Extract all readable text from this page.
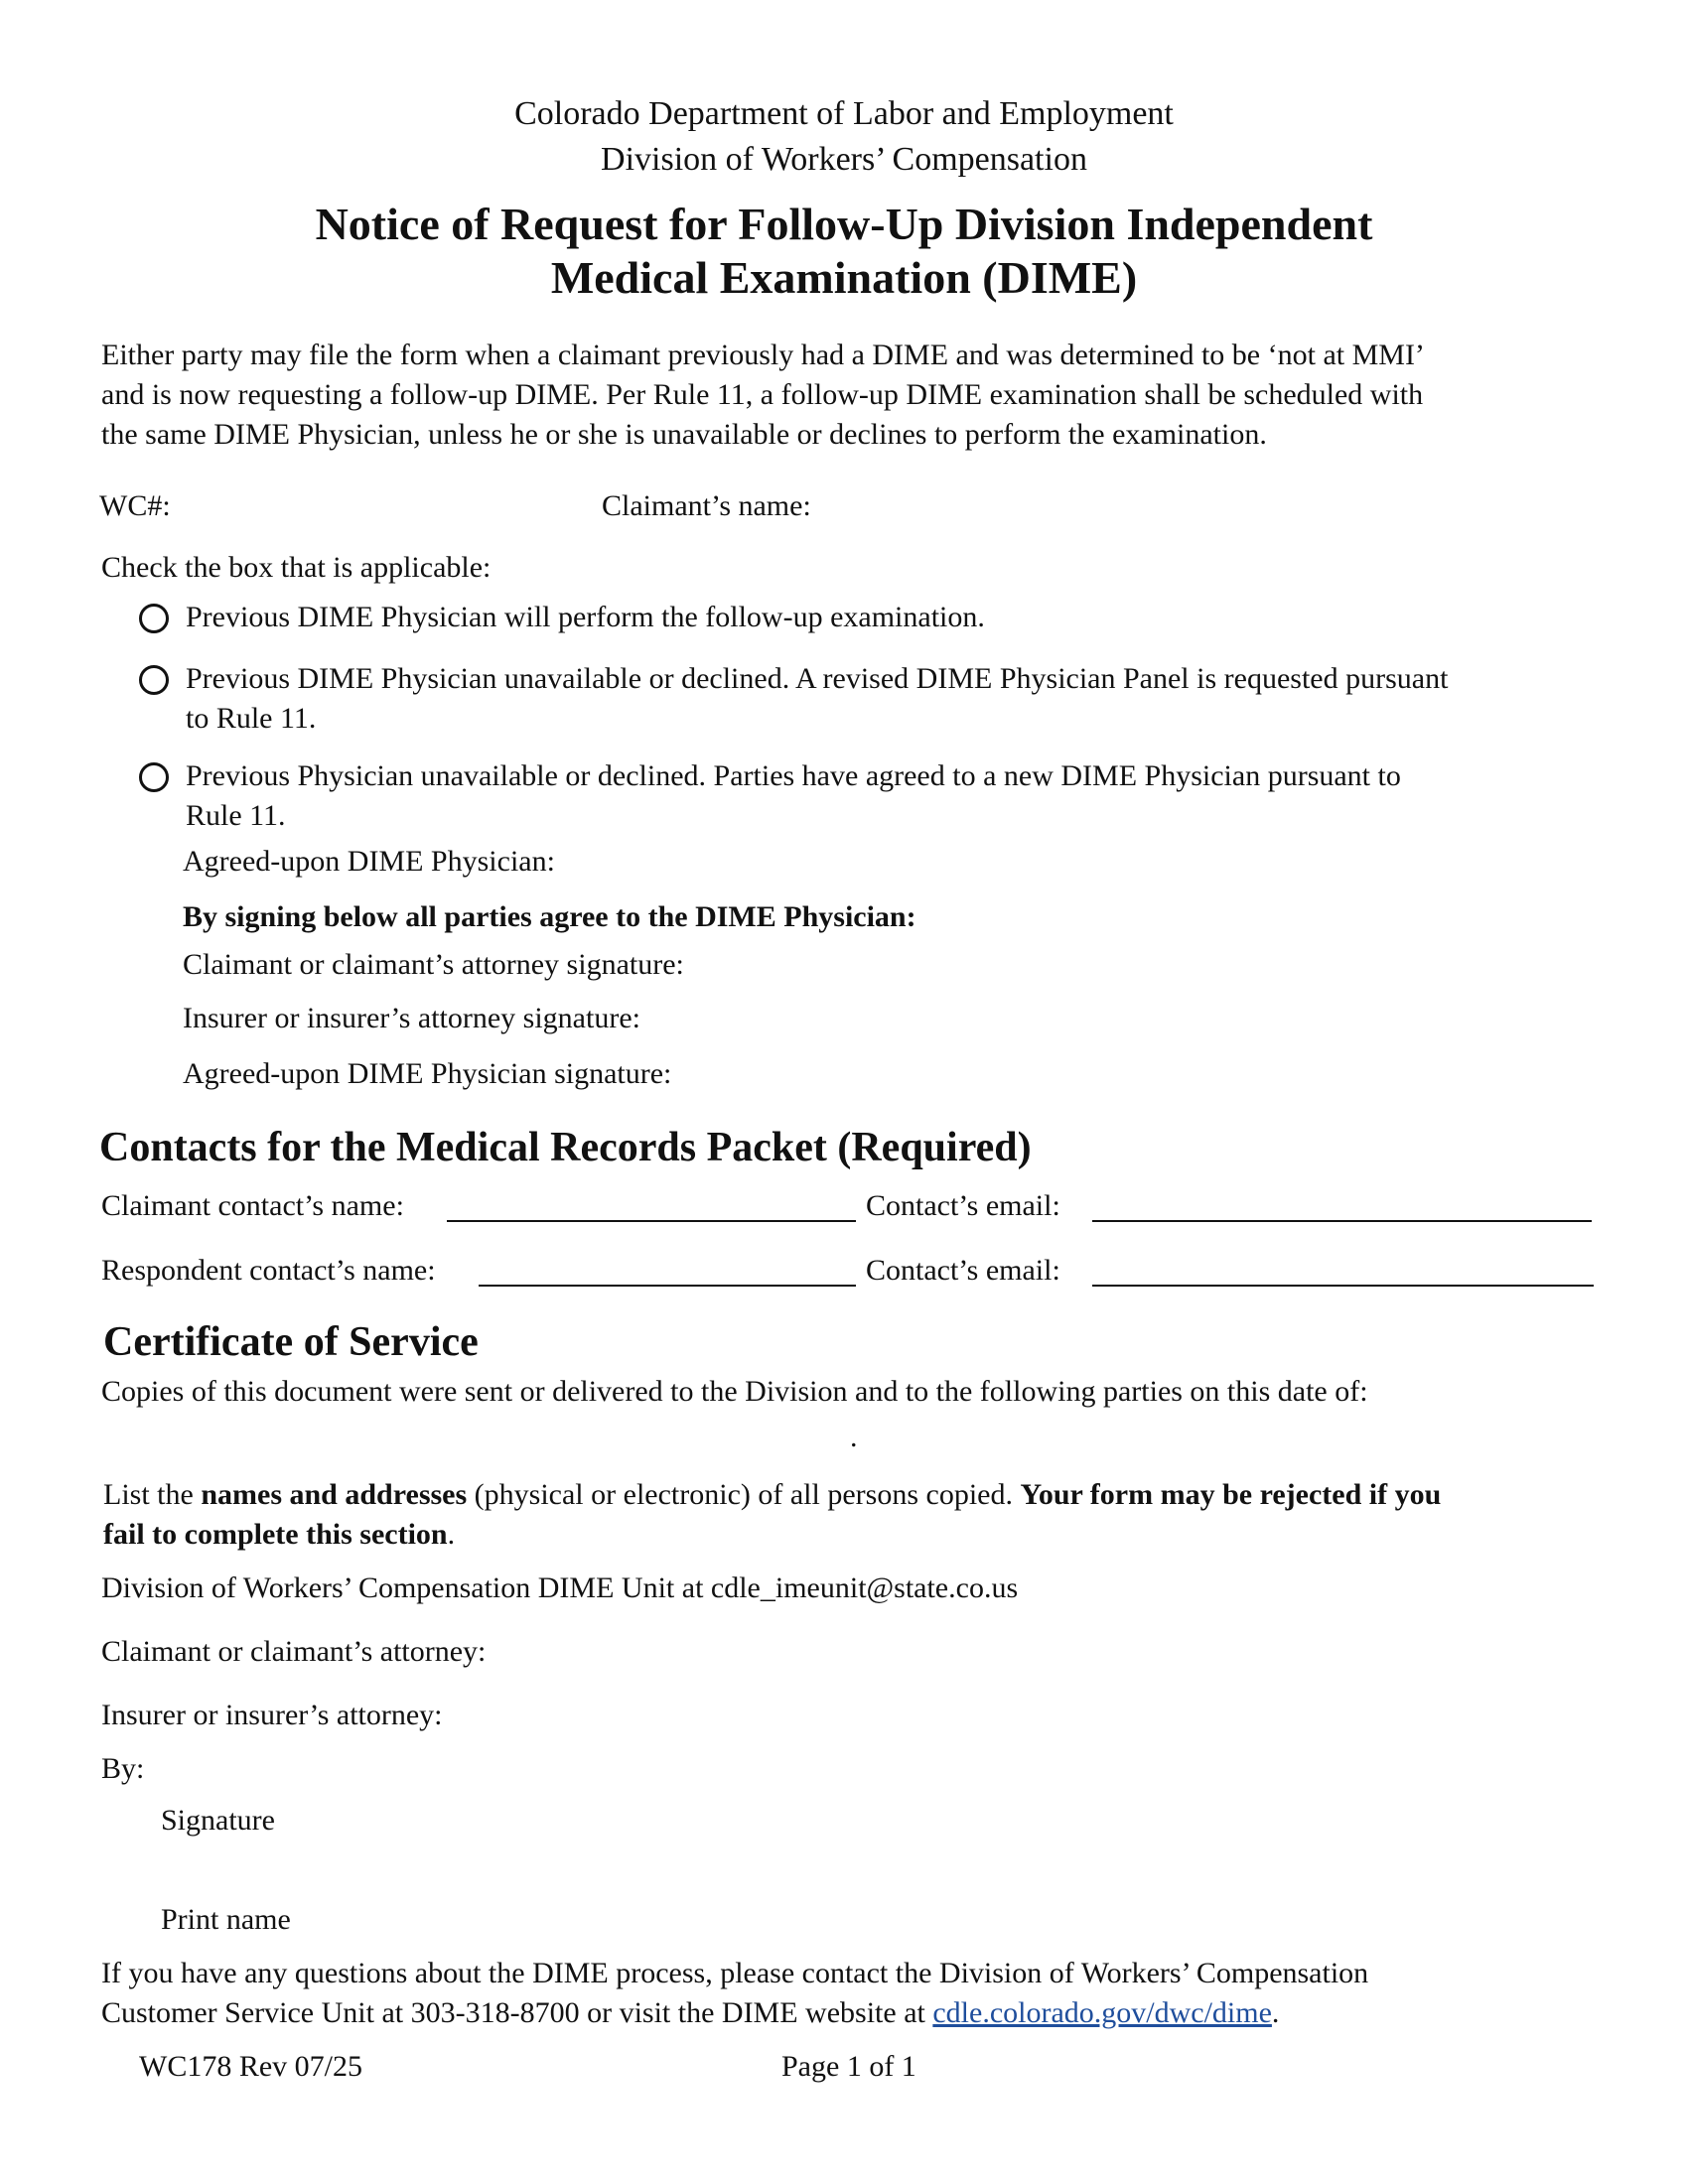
Colorado Department of Labor and Employment
Division of Workers’ Compensation
Notice of Request for Follow-Up Division Independent
Medical Examination (DIME)
Either party may file the form when a claimant previously had a DIME and was determined to be ‘not at MMI’
and is now requesting a follow-up DIME. Per Rule 11, a follow-up DIME examination shall be scheduled with
the same DIME Physician, unless he or she is unavailable or declines to perform the examination.
WC#:	Claimant’s name:
Check the box that is applicable:
Previous DIME Physician will perform the follow-up examination.
Previous DIME Physician unavailable or declined. A revised DIME Physician Panel is requested pursuant
to Rule 11.
Previous Physician unavailable or declined. Parties have agreed to a new DIME Physician pursuant to
Rule 11.
Agreed-upon DIME Physician:
By signing below all parties agree to the DIME Physician:
Claimant or claimant’s attorney signature:
Insurer or insurer’s attorney signature:
Agreed-upon DIME Physician signature:
Contacts for the Medical Records Packet (Required)
Claimant contact’s name:	Contact’s email:
Respondent contact’s name:	Contact’s email:
Certificate of Service
Copies of this document were sent or delivered to the Division and to the following parties on this date of:
.
List the names and addresses (physical or electronic) of all persons copied. Your form may be rejected if you
fail to complete this section.
Division of Workers’ Compensation DIME Unit at cdle_imeunit@state.co.us
Claimant or claimant’s attorney:
Insurer or insurer’s attorney:
By:
Signature
Print name
If you have any questions about the DIME process, please contact the Division of Workers’ Compensation
Customer Service Unit at 303-318-8700 or visit the DIME website at cdle.colorado.gov/dwc/dime.
WC178 Rev 07/25	Page 1 of 1
